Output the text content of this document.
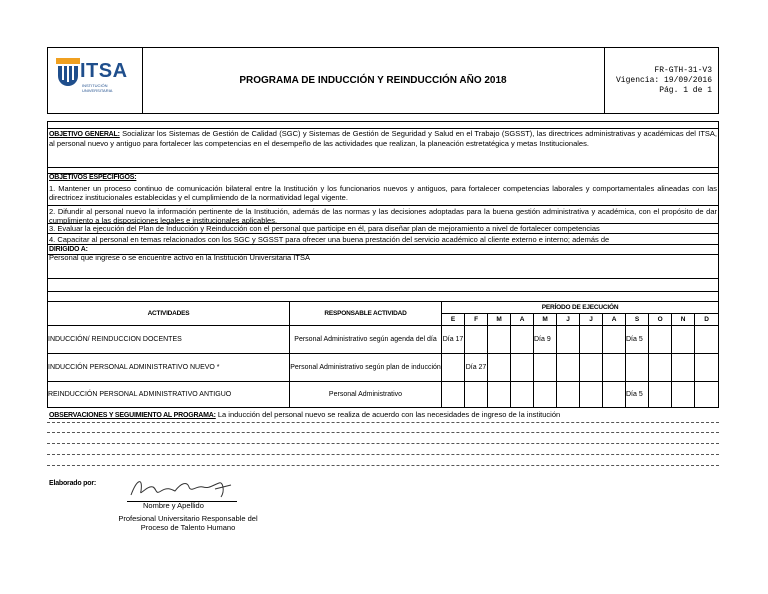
ITSA
INSTITUCIÓN UNIVERSITARIA
PROGRAMA DE INDUCCIÓN Y REINDUCCIÓN AÑO 2018
FR-GTH-31-V3
Vigencia: 19/09/2016
Pág. 1 de 1
OBJETIVO GENERAL: Socializar los Sistemas de Gestión de Calidad (SGC) y Sistemas de Gestión de Seguridad y Salud en el Trabajo (SGSST), las directrices administrativas y académicas del ITSA, al personal nuevo y antiguo para fortalecer las competencias en el desempeño de las actividades que realizan, la planeación estretatégica y metas Institucionales.
OBJETIVOS ESPECIFIGOS:
1. Mantener un proceso continuo de comunicación bilateral entre la Institución y los funcionarios nuevos y antiguos, para fortalecer competencias laborales y comportamentales alineadas con las directricez institucionales establecidas y el cumplimiendo de la normatividad legal vigente.
2. Difundir al personal nuevo la información pertinente de la Institución, además de las normas y las decisiones adoptadas para la buena gestión administrativa y académica, con el propósito de dar cumplimiento a las disposiciones legales e institucionales aplicables.
3. Evaluar la ejecución del Plan de Inducción y Reinducción con el personal que participe en él, para diseñar plan de mejoramiento a nivel de fortalecer competencias
4. Capacitar al personal en temas relacionados con los SGC y SGSST para ofrecer una buena prestación del servicio académico al cliente externo e interno; además de
DIRIGIDO A:
Personal que ingrese o se encuentre activo en la Institución Universitaria ITSA
ACTIVIDADES	RESPONSABLE ACTIVIDAD	PERÍODO DE EJECUCIÓN											
		E	F	M	A	M	J	J	A	S	O	N	D
INDUCCIÓN/ REINDUCCION DOCENTES	Personal Administrativo según agenda del día	Día 17				Día 9				Día 5			
INDUCCIÓN PERSONAL ADMINISTRATIVO NUEVO *	Personal Administrativo según plan de inducción		Día 27										
REINDUCCIÓN PERSONAL ADMINISTRATIVO ANTIGUO	Personal Administrativo									Día 5			
OBSERVACIONES Y SEGUIMIENTO AL PROGRAMA: La inducción del personal nuevo se realiza de acuerdo con las necesidades de ingreso de la institución
Elaborado por:
Nombre y Apellido
Profesional Universitario Responsable del
Proceso de Talento Humano
